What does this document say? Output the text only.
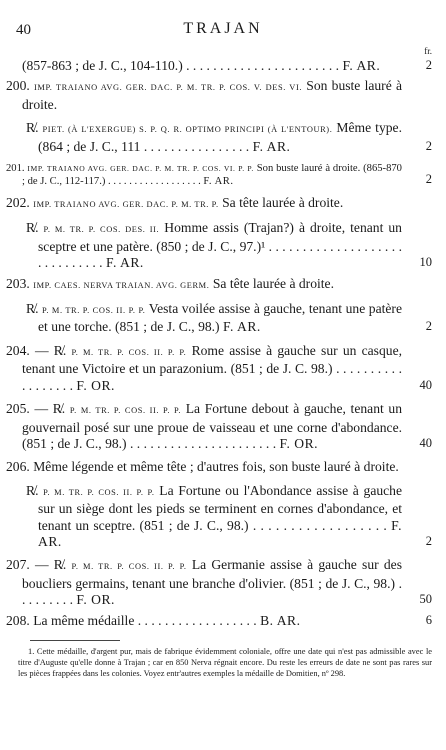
40	TRAJAN
fr.
(857-863 ; de J. C., 104-110.) . . . . . . . . . . . . . . . . . . . . . . . F. AR.	2
200. IMP. TRAIANO AVG. GER. DAC. P. M. TR. P. COS. V. DES. VI. Son buste lauré à droite.
R̸. PIET. (À L'EXERGUE) S. P. Q. R. OPTIMO PRINCIPI (À L'ENTOUR). Même type. (864 ; de J. C., 111 . . . . . . . . . . . . . . . . F. AR.	2
201. IMP. TRAIANO AVG. GER. DAC. P. M. TR. P. COS. VI. P. P. Son buste lauré à droite. (865-870 ; de J. C., 112-117.) . . . . . . . . . . . . . . . . . . F. AR.	2
202. IMP. TRAIANO AVG. GER. DAC. P. M. TR. P. Sa tête laurée à droite.
R̸. P. M. TR. P. COS. DES. II. Homme assis (Trajan?) à droite, tenant un sceptre et une patère. (850 ; de J. C., 97.)¹ . . . . . . . . . . . . . . . . . . . . . . . . . . . . . . F. AR.	10
203. IMP. CAES. NERVA TRAIAN. AVG. GERM. Sa tête laurée à droite.
R̸. P. M. TR. P. COS. II. P. P. Vesta voilée assise à gauche, tenant une patère et une torche. (851 ; de J. C., 98.) F. AR.	2
204. — R̸. P. M. TR. P. COS. II. P. P. Rome assise à gauche sur un casque, tenant une Victoire et un parazonium. (851 ; de J. C. 98.) . . . . . . . . . . . . . . . . . . F. OR.	40
205. — R̸. P. M. TR. P. COS. II. P. P. La Fortune debout à gauche, tenant un gouvernail posé sur une proue de vaisseau et une corne d'abondance. (851 ; de J. C., 98.) . . . . . . . . . . . . . . . . . . . . . . F. OR.	40
206. Même légende et même tête ; d'autres fois, son buste lauré à droite.
R̸. P. M. TR. P. COS. II. P. P. La Fortune ou l'Abondance assise à gauche sur un siège dont les pieds se terminent en cornes d'abondance, et tenant un sceptre. (851 ; de J. C., 98.) . . . . . . . . . . . . . . . . . . F. AR.	2
207. — R̸. P. M. TR. P. COS. II. P. P. La Germanie assise à gauche sur des boucliers germains, tenant une branche d'olivier. (851 ; de J. C., 98.) . . . . . . . . . F. OR.	50
208. La même médaille . . . . . . . . . . . . . . . . . . B. AR.	6
1. Cette médaille, d'argent pur, mais de fabrique évidemment coloniale, offre une date qui n'est pas admissible avec le titre d'Auguste qu'elle donne à Trajan ; car en 850 Nerva régnait encore. Du reste les erreurs de date ne sont pas rares sur les pièces frappées dans les colonies. Voyez entr'autres exemples la médaille de Domitien, nº 298.
